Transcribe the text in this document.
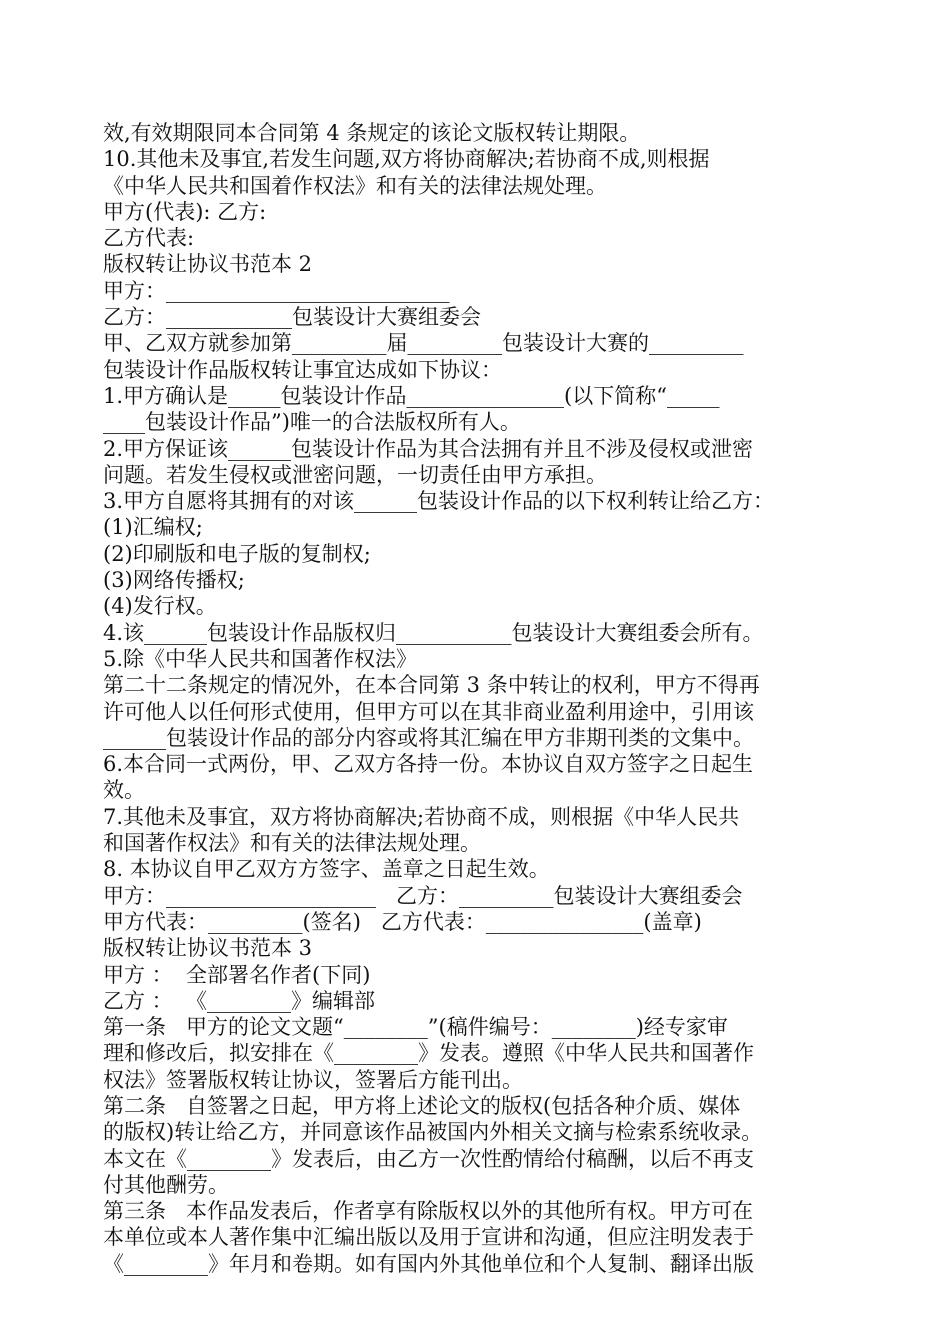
效,有效期限同本合同第 4 条规定的该论文版权转让期限。
10.其他未及事宜,若发生问题,双方将协商解决;若协商不成,则根据
《中华人民共和国着作权法》和有关的法律法规处理。
甲方(代表): 乙方:
乙方代表:
版权转让协议书范本 2
甲方：___________________________
乙方：____________包装设计大赛组委会
甲、乙双方就参加第_________届_________包装设计大赛的_________
包装设计作品版权转让事宜达成如下协议：
1.甲方确认是_____包装设计作品_______________(以下简称“_____
____包装设计作品”)唯一的合法版权所有人。
2.甲方保证该______包装设计作品为其合法拥有并且不涉及侵权或泄密
问题。若发生侵权或泄密问题，一切责任由甲方承担。
3.甲方自愿将其拥有的对该______包装设计作品的以下权利转让给乙方：
(1)汇编权;
(2)印刷版和电子版的复制权;
(3)网络传播权;
(4)发行权。
4.该______包装设计作品版权归___________包装设计大赛组委会所有。
5.除《中华人民共和国著作权法》
第二十二条规定的情况外，在本合同第 3 条中转让的权利，甲方不得再
许可他人以任何形式使用，但甲方可以在其非商业盈利用途中，引用该
______包装设计作品的部分内容或将其汇编在甲方非期刊类的文集中。
6.本合同一式两份，甲、乙双方各持一份。本协议自双方签字之日起生
效。
7.其他未及事宜，双方将协商解决;若协商不成，则根据《中华人民共
和国著作权法》和有关的法律法规处理。
8. 本协议自甲乙双方方签字、盖章之日起生效。
甲方：____________________   乙方：_________包装设计大赛组委会
甲方代表：_________(签名)   乙方代表：_______________(盖章)
版权转让协议书范本 3
甲方 ：  全部署名作者(下同)
乙方 ：  《________》编辑部
第一条   甲方的论文文题“________”(稿件编号：________)经专家审
理和修改后，拟安排在《________》发表。遵照《中华人民共和国著作
权法》签署版权转让协议，签署后方能刊出。
第二条   自签署之日起，甲方将上述论文的版权(包括各种介质、媒体
的版权)转让给乙方，并同意该作品被国内外相关文摘与检索系统收录。
本文在《________》发表后，由乙方一次性酌情给付稿酬，以后不再支
付其他酬劳。
第三条   本作品发表后，作者享有除版权以外的其他所有权。甲方可在
本单位或本人著作集中汇编出版以及用于宣讲和沟通，但应注明发表于
《________》年月和卷期。如有国内外其他单位和个人复制、翻译出版
